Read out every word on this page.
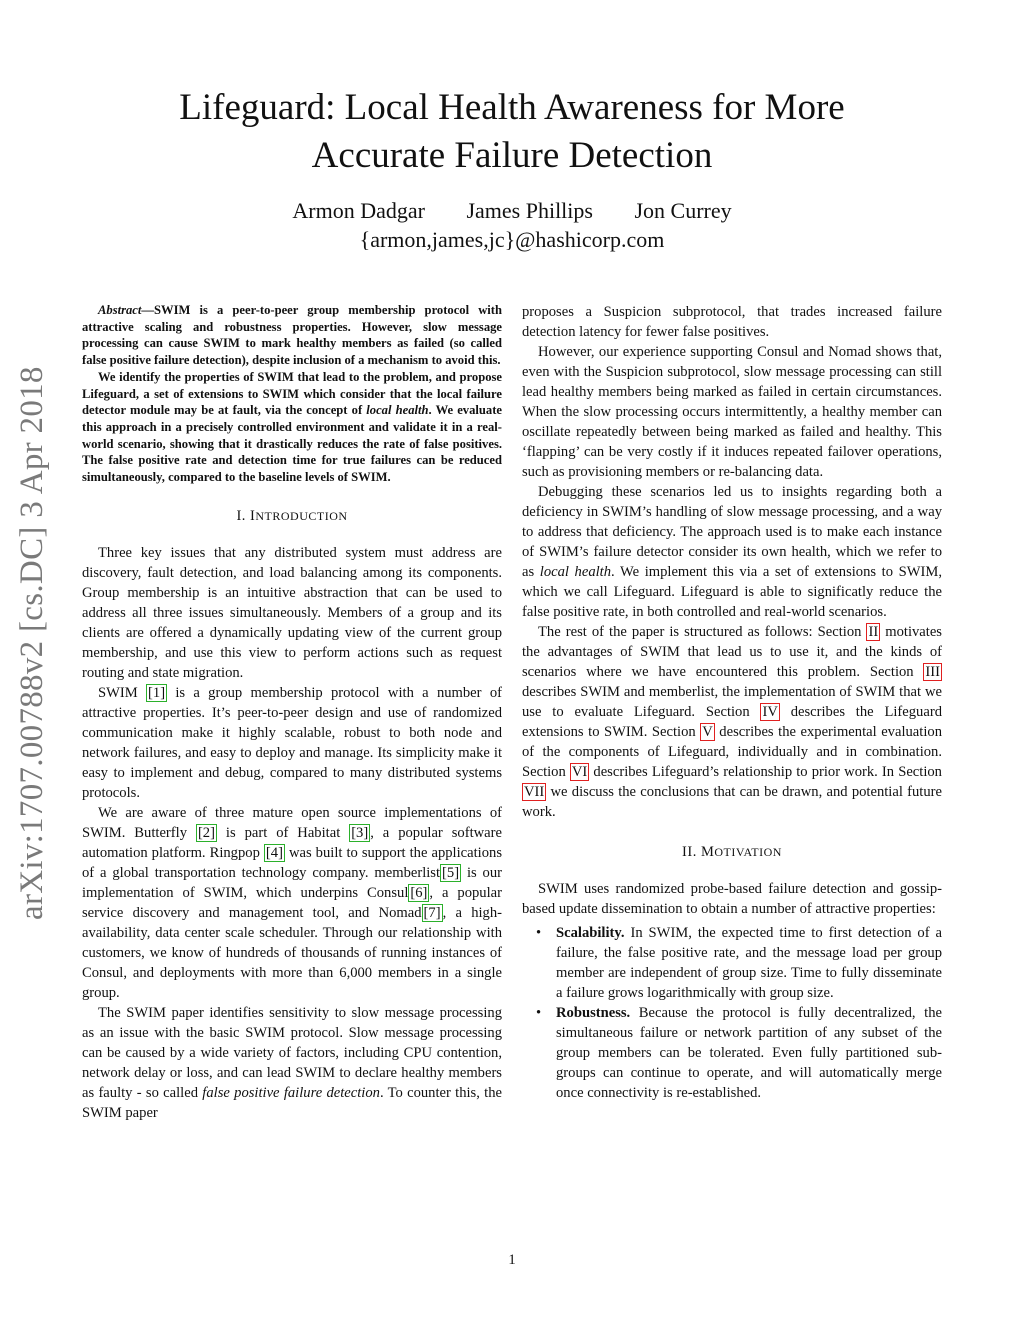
arXiv:1707.00788v2 [cs.DC] 3 Apr 2018
Lifeguard: Local Health Awareness for More
Accurate Failure Detection
Armon Dadgar James Phillips Jon Currey
{armon,james,jc}@hashicorp.com

Abstract—SWIM is a peer-to-peer group membership protocol with attractive scaling and robustness properties. However, slow message processing can cause SWIM to mark healthy members as failed (so called false positive failure detection), despite inclusion of a mechanism to avoid this.

We identify the properties of SWIM that lead to the problem, and propose Lifeguard, a set of extensions to SWIM which consider that the local failure detector module may be at fault, via the concept of local health. We evaluate this approach in a precisely controlled environment and validate it in a real-world scenario, showing that it drastically reduces the rate of false positives. The false positive rate and detection time for true failures can be reduced simultaneously, compared to the baseline levels of SWIM.

I. INTRODUCTION

Three key issues that any distributed system must address are discovery, fault detection, and load balancing among its components. Group membership is an intuitive abstraction that can be used to address all three issues simultaneously. Members of a group and its clients are offered a dynamically updating view of the current group membership, and use this view to perform actions such as request routing and state migration.

SWIM [1] is a group membership protocol with a number of attractive properties. It’s peer-to-peer design and use of randomized communication make it highly scalable, robust to both node and network failures, and easy to deploy and manage. Its simplicity make it easy to implement and debug, compared to many distributed systems protocols.

We are aware of three mature open source implementations of SWIM. Butterfly [2] is part of Habitat [3] , a popular software automation platform. Ringpop [4] was built to support the applications of a global transportation technology company. memberlist [5] is our implementation of SWIM, which underpins Consul [6] , a popular service discovery and management tool, and Nomad [7] , a high-availability, data center scale scheduler. Through our relationship with customers, we know of hundreds of thousands of running instances of Consul, and deployments with more than 6,000 members in a single group.

The SWIM paper identifies sensitivity to slow message processing as an issue with the basic SWIM protocol. Slow message processing can be caused by a wide variety of factors, including CPU contention, network delay or loss, and can lead SWIM to declare healthy members as faulty - so called false positive failure detection. To counter this, the SWIM paper

proposes a Suspicion subprotocol, that trades increased failure detection latency for fewer false positives.

However, our experience supporting Consul and Nomad shows that, even with the Suspicion subprotocol, slow message processing can still lead healthy members being marked as failed in certain circumstances. When the slow processing occurs intermittently, a healthy member can oscillate repeatedly between being marked as failed and healthy. This ‘flapping’ can be very costly if it induces repeated failover operations, such as provisioning members or re-balancing data.

Debugging these scenarios led us to insights regarding both a deficiency in SWIM’s handling of slow message processing, and a way to address that deficiency. The approach used is to make each instance of SWIM’s failure detector consider its own health, which we refer to as local health. We implement this via a set of extensions to SWIM, which we call Lifeguard. Lifeguard is able to significatly reduce the false positive rate, in both controlled and real-world scenarios.

The rest of the paper is structured as follows: Section II motivates the advantages of SWIM that lead us to use it, and the kinds of scenarios where we have encountered this problem. Section III describes SWIM and memberlist, the implementation of SWIM that we use to evaluate Lifeguard. Section IV describes the Lifeguard extensions to SWIM. Section V describes the experimental evaluation of the components of Lifeguard, individually and in combination. Section VI describes Lifeguard’s relationship to prior work. In Section VII we discuss the conclusions that can be drawn, and potential future work.

II. MOTIVATION

SWIM uses randomized probe-based failure detection and gossip-based update dissemination to obtain a number of attractive properties:

• Scalability. In SWIM, the expected time to first detection of a failure, the false positive rate, and the message load per group member are independent of group size. Time to fully disseminate a failure grows logarithmically with group size.
• Robustness. Because the protocol is fully decentralized, the simultaneous failure or network partition of any subset of the group members can be tolerated. Even fully partitioned sub-groups can continue to operate, and will automatically merge once connectivity is re-established.
1
